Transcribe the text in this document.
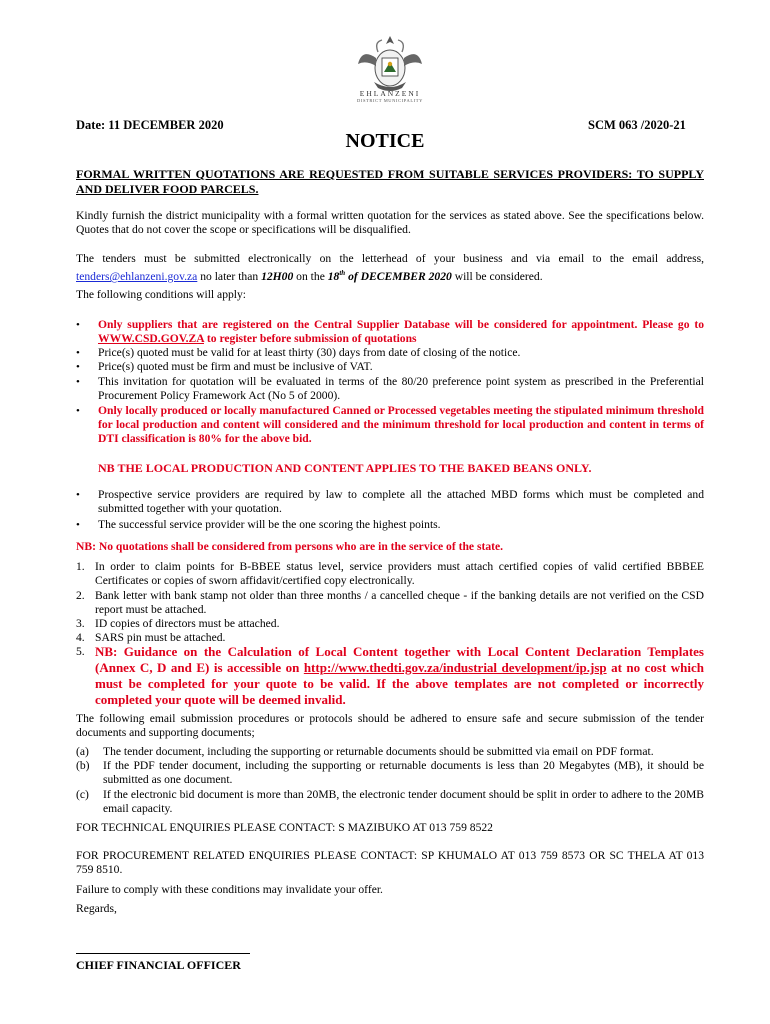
EHLANZENI
DISTRICT MUNICIPALITY
Date: 11 DECEMBER 2020	SCM 063 /2020-21
NOTICE
FORMAL WRITTEN QUOTATIONS ARE REQUESTED FROM SUITABLE SERVICES PROVIDERS: TO SUPPLY AND DELIVER FOOD PARCELS.
Kindly furnish the district municipality with a formal written quotation for the services as stated above. See the specifications below. Quotes that do not cover the scope or specifications will be disqualified.
The tenders must be submitted electronically on the letterhead of your business and via email to the email address, tenders@ehlanzeni.gov.za no later than 12H00 on the 18th of DECEMBER 2020 will be considered.
The following conditions will apply:
• Only suppliers that are registered on the Central Supplier Database will be considered for appointment. Please go to WWW.CSD.GOV.ZA to register before submission of quotations
• Price(s) quoted must be valid for at least thirty (30) days from date of closing of the notice.
• Price(s) quoted must be firm and must be inclusive of VAT.
• This invitation for quotation will be evaluated in terms of the 80/20 preference point system as prescribed in the Preferential Procurement Policy Framework Act (No 5 of 2000).
• Only locally produced or locally manufactured Canned or Processed vegetables meeting the stipulated minimum threshold for local production and content will considered and the minimum threshold for local production and content in terms of DTI classification is 80% for the above bid.
NB THE LOCAL PRODUCTION AND CONTENT APPLIES TO THE BAKED BEANS ONLY.
• Prospective service providers are required by law to complete all the attached MBD forms which must be completed and submitted together with your quotation.
• The successful service provider will be the one scoring the highest points.
NB: No quotations shall be considered from persons who are in the service of the state.
1. In order to claim points for B-BBEE status level, service providers must attach certified copies of valid certified BBBEE Certificates or copies of sworn affidavit/certified copy electronically.
2. Bank letter with bank stamp not older than three months / a cancelled cheque - if the banking details are not verified on the CSD report must be attached.
3. ID copies of directors must be attached.
4. SARS pin must be attached.
5. NB: Guidance on the Calculation of Local Content together with Local Content Declaration Templates (Annex C, D and E) is accessible on http://www.thedti.gov.za/industrial development/ip.jsp at no cost which must be completed for your quote to be valid. If the above templates are not completed or incorrectly completed your quote will be deemed invalid.
The following email submission procedures or protocols should be adhered to ensure safe and secure submission of the tender documents and supporting documents;
(a) The tender document, including the supporting or returnable documents should be submitted via email on PDF format.
(b) If the PDF tender document, including the supporting or returnable documents is less than 20 Megabytes (MB), it should be submitted as one document.
(c) If the electronic bid document is more than 20MB, the electronic tender document should be split in order to adhere to the 20MB email capacity.
FOR TECHNICAL ENQUIRIES PLEASE CONTACT: S MAZIBUKO AT 013 759 8522
FOR PROCUREMENT RELATED ENQUIRIES PLEASE CONTACT: SP KHUMALO AT 013 759 8573 OR SC THELA AT 013 759 8510.
Failure to comply with these conditions may invalidate your offer.
Regards,
CHIEF FINANCIAL OFFICER
